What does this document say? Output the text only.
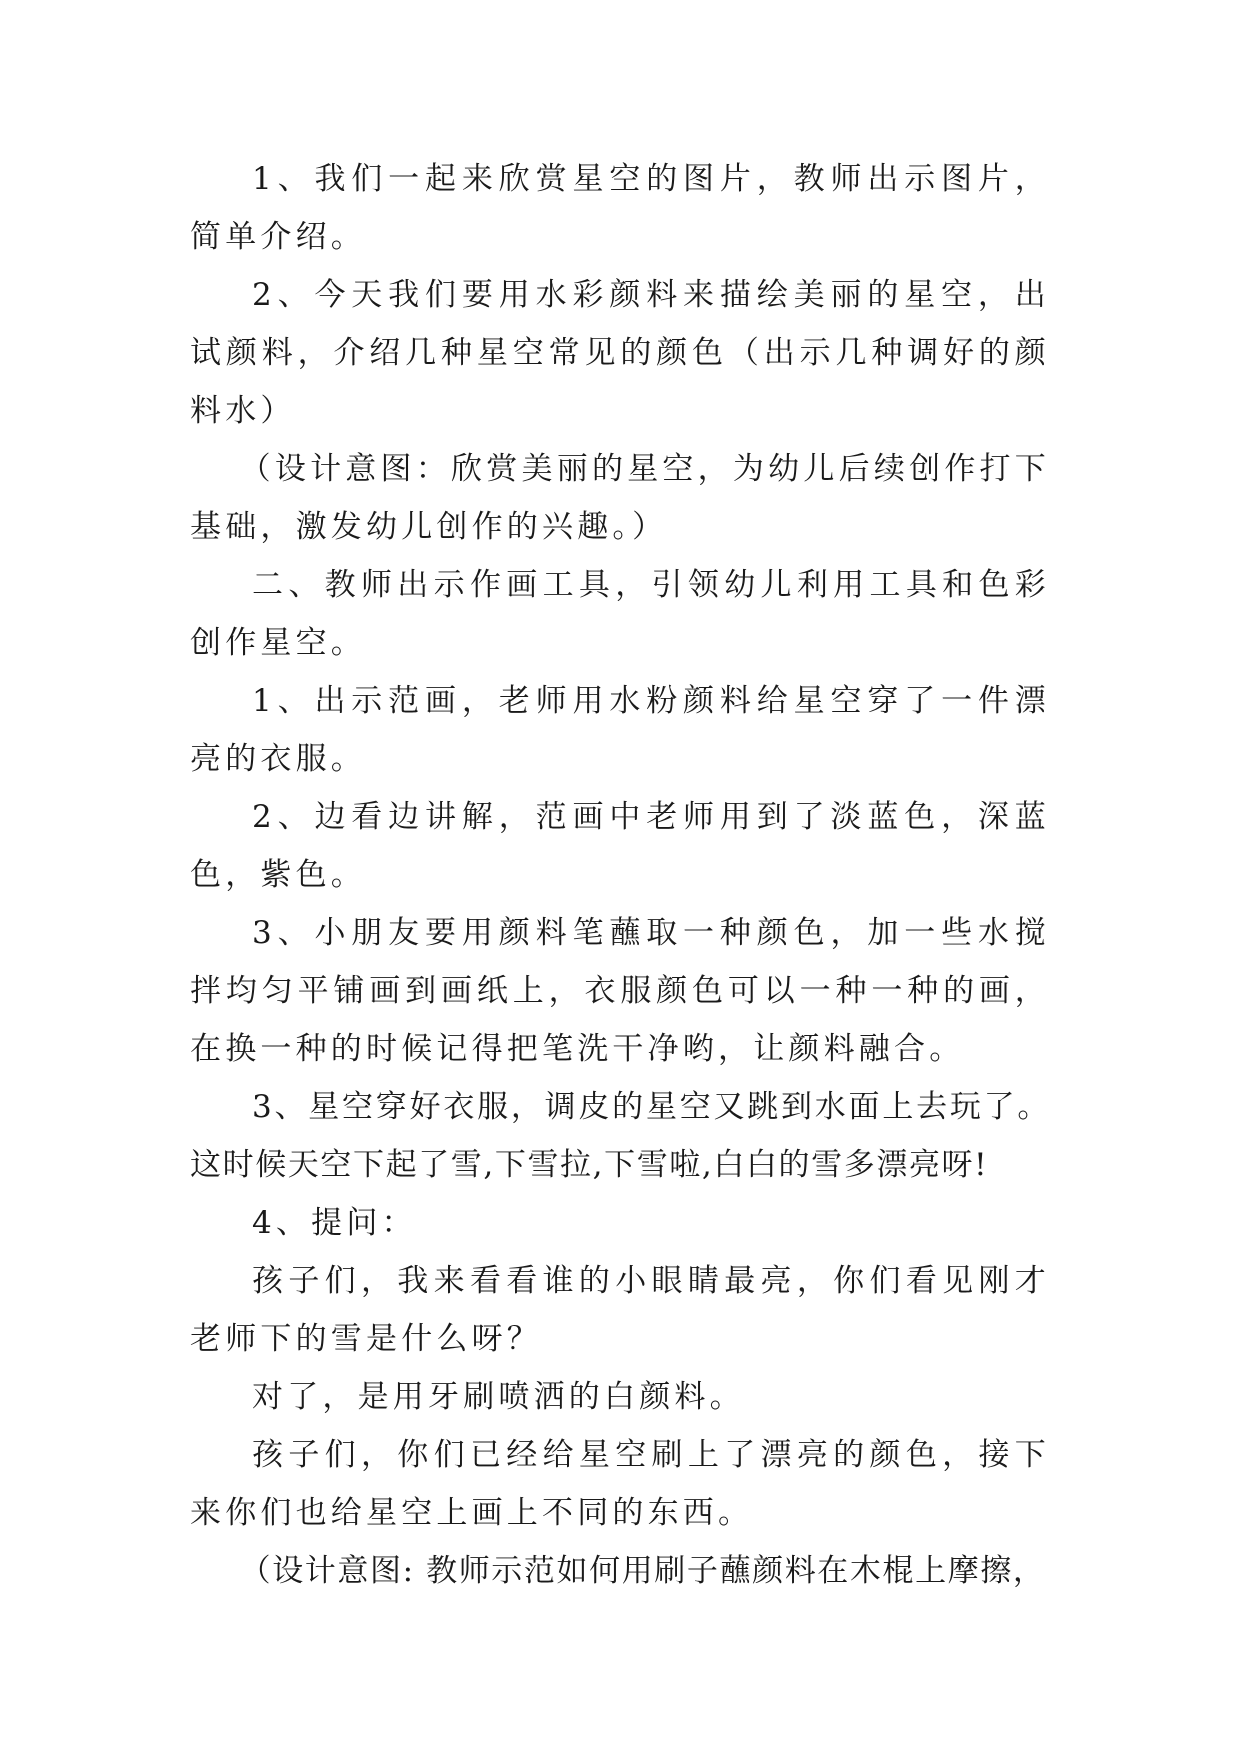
1、我们一起来欣赏星空的图片，教师出示图片，简单介绍。

2、今天我们要用水彩颜料来描绘美丽的星空，出试颜料，介绍几种星空常见的颜色（出示几种调好的颜料水）

（设计意图：欣赏美丽的星空，为幼儿后续创作打下基础，激发幼儿创作的兴趣。）

二、教师出示作画工具，引领幼儿利用工具和色彩创作星空。

1、出示范画，老师用水粉颜料给星空穿了一件漂亮的衣服。

2、边看边讲解，范画中老师用到了淡蓝色，深蓝色，紫色。

3、小朋友要用颜料笔蘸取一种颜色，加一些水搅拌均匀平铺画到画纸上，衣服颜色可以一种一种的画，在换一种的时候记得把笔洗干净哟，让颜料融合。

3、星空穿好衣服，调皮的星空又跳到水面上去玩了。这时候天空下起了雪,下雪拉,下雪啦,白白的雪多漂亮呀!

4、提问：

孩子们，我来看看谁的小眼睛最亮，你们看见刚才老师下的雪是什么呀？

对了，是用牙刷喷洒的白颜料。

孩子们，你们已经给星空刷上了漂亮的颜色，接下来你们也给星空上画上不同的东西。

（设计意图: 教师示范如何用刷子蘸颜料在木棍上摩擦，
